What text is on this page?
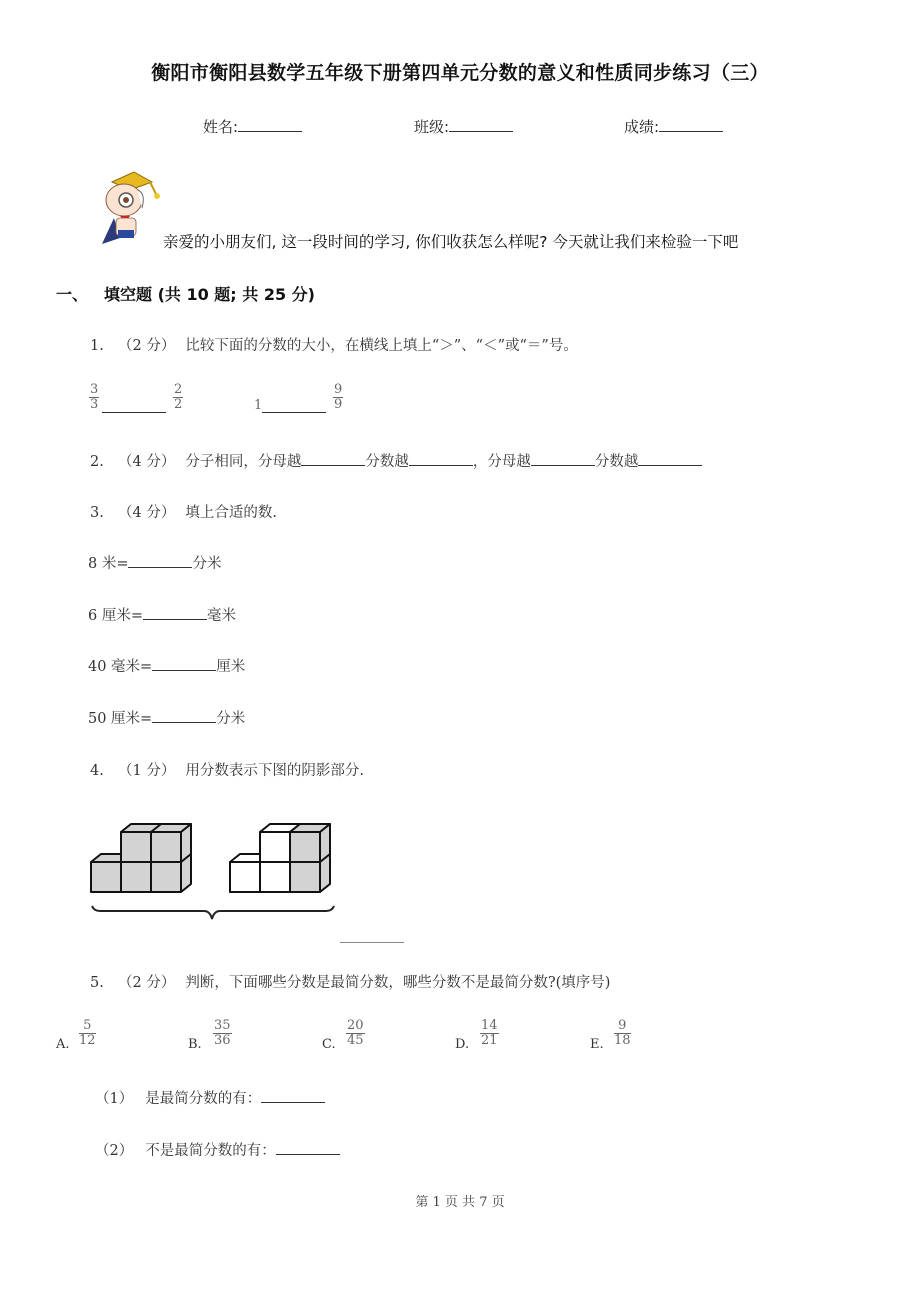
衡阳市衡阳县数学五年级下册第四单元分数的意义和性质同步练习（三）
姓名:	班级:	成绩:
亲爱的小朋友们, 这一段时间的学习, 你们收获怎么样呢? 今天就让我们来检验一下吧
一、 填空题 (共 10 题; 共 25 分)
1. （2 分） 比较下面的分数的大小，在横线上填上“＞”、“＜”或“＝”号。
$\frac{3}{3}$	$\frac{2}{2}$	1	$\frac{9}{9}$
2. （4 分） 分子相同，分母越	分数越	，分母越	分数越
3. （4 分） 填上合适的数.
8 米=	分米
6 厘米=	毫米
40 毫米=	厘米
50 厘米=	分米
4. （1 分） 用分数表示下图的阴影部分.
5. （2 分） 判断，下面哪些分数是最简分数，哪些分数不是最简分数?(填序号)
A. $\frac{5}{12}$	B. $\frac{35}{36}$	C. $\frac{20}{45}$	D. $\frac{14}{21}$	E. $\frac{9}{18}$
（1） 是最简分数的有：
（2） 不是最简分数的有：
第 1 页 共 7 页
